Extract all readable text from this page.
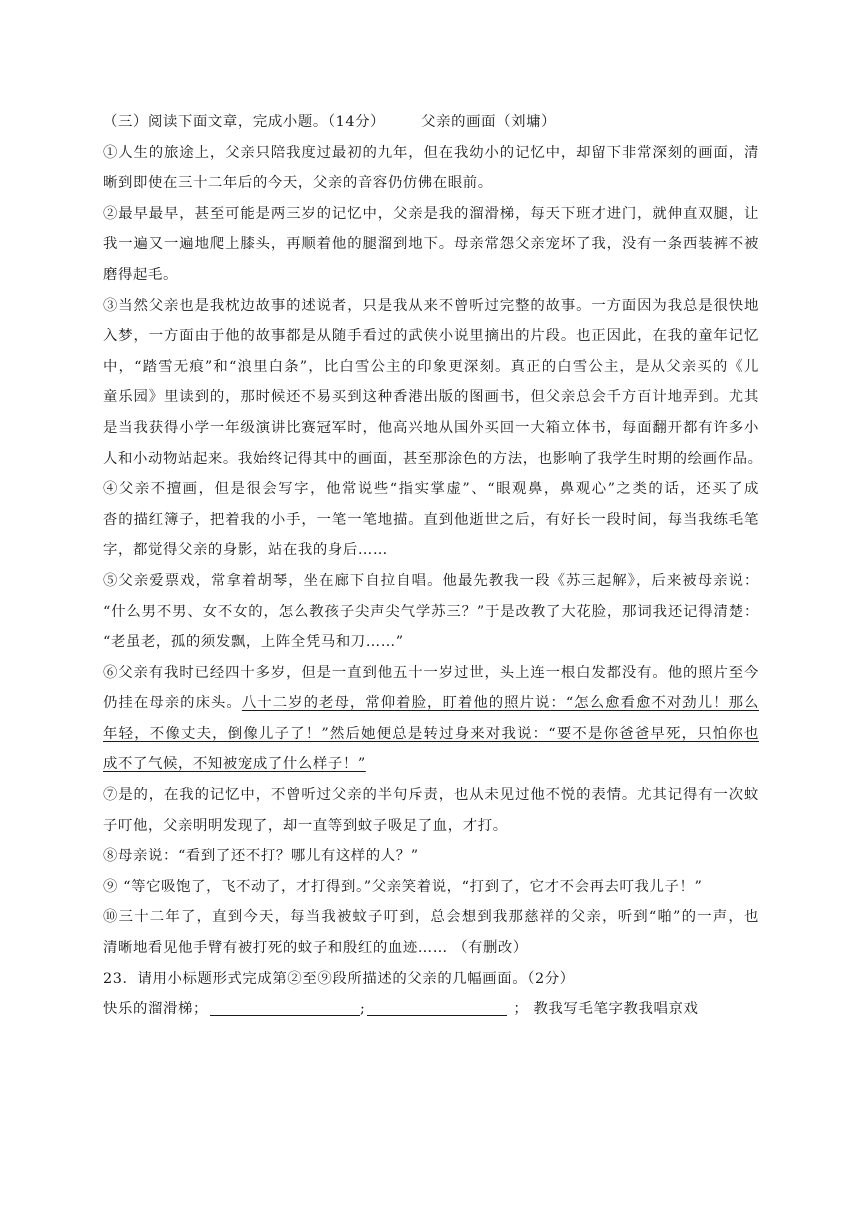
（三）阅读下面文章，完成小题。（14分）	父亲的画面（刘墉）
①人生的旅途上，父亲只陪我度过最初的九年，但在我幼小的记忆中，却留下非常深刻的画面，清
晰到即使在三十二年后的今天，父亲的音容仍仿佛在眼前。
②最早最早，甚至可能是两三岁的记忆中，父亲是我的溜滑梯，每天下班才进门，就伸直双腿，让
我一遍又一遍地爬上膝头，再顺着他的腿溜到地下。母亲常怨父亲宠坏了我，没有一条西装裤不被
磨得起毛。
③当然父亲也是我枕边故事的述说者，只是我从来不曾听过完整的故事。一方面因为我总是很快地
入梦，一方面由于他的故事都是从随手看过的武侠小说里摘出的片段。也正因此，在我的童年记忆
中，“踏雪无痕”和“浪里白条”，比白雪公主的印象更深刻。真正的白雪公主，是从父亲买的《儿
童乐园》里读到的，那时候还不易买到这种香港出版的图画书，但父亲总会千方百计地弄到。尤其
是当我获得小学一年级演讲比赛冠军时，他高兴地从国外买回一大箱立体书，每面翻开都有许多小
人和小动物站起来。我始终记得其中的画面，甚至那涂色的方法，也影响了我学生时期的绘画作品。
④父亲不擅画，但是很会写字，他常说些“指实掌虚”、“眼观鼻，鼻观心”之类的话，还买了成
沓的描红簿子，把着我的小手，一笔一笔地描。直到他逝世之后，有好长一段时间，每当我练毛笔
字，都觉得父亲的身影，站在我的身后……
⑤父亲爱票戏，常拿着胡琴，坐在廊下自拉自唱。他最先教我一段《苏三起解》，后来被母亲说：
“什么男不男、女不女的，怎么教孩子尖声尖气学苏三？”于是改教了大花脸，那词我还记得清楚：
“老虽老，孤的须发飘，上阵全凭马和刀……”
⑥父亲有我时已经四十多岁，但是一直到他五十一岁过世，头上连一根白发都没有。他的照片至今
仍挂在母亲的床头。八十二岁的老母，常仰着脸，盯着他的照片说：“怎么愈看愈不对劲儿！那么
年轻，不像丈夫，倒像儿子了！”然后她便总是转过身来对我说：“要不是你爸爸早死，只怕你也
成不了气候，不知被宠成了什么样子！”
⑦是的，在我的记忆中，不曾听过父亲的半句斥责，也从未见过他不悦的表情。尤其记得有一次蚊
子叮他，父亲明明发现了，却一直等到蚊子吸足了血，才打。
⑧母亲说：“看到了还不打？哪儿有这样的人？”
⑨ “等它吸饱了，飞不动了，才打得到。”父亲笑着说，“打到了，它才不会再去叮我儿子！”
⑩三十二年了，直到今天，每当我被蚊子叮到，总会想到我那慈祥的父亲，听到“啪”的一声，也
清晰地看见他手臂有被打死的蚊子和殷红的血迹…… （有删改）
23．请用小标题形式完成第②至⑨段所描述的父亲的几幅画面。（2分）
快乐的溜滑梯；	;	； 教我写毛笔字教我唱京戏
